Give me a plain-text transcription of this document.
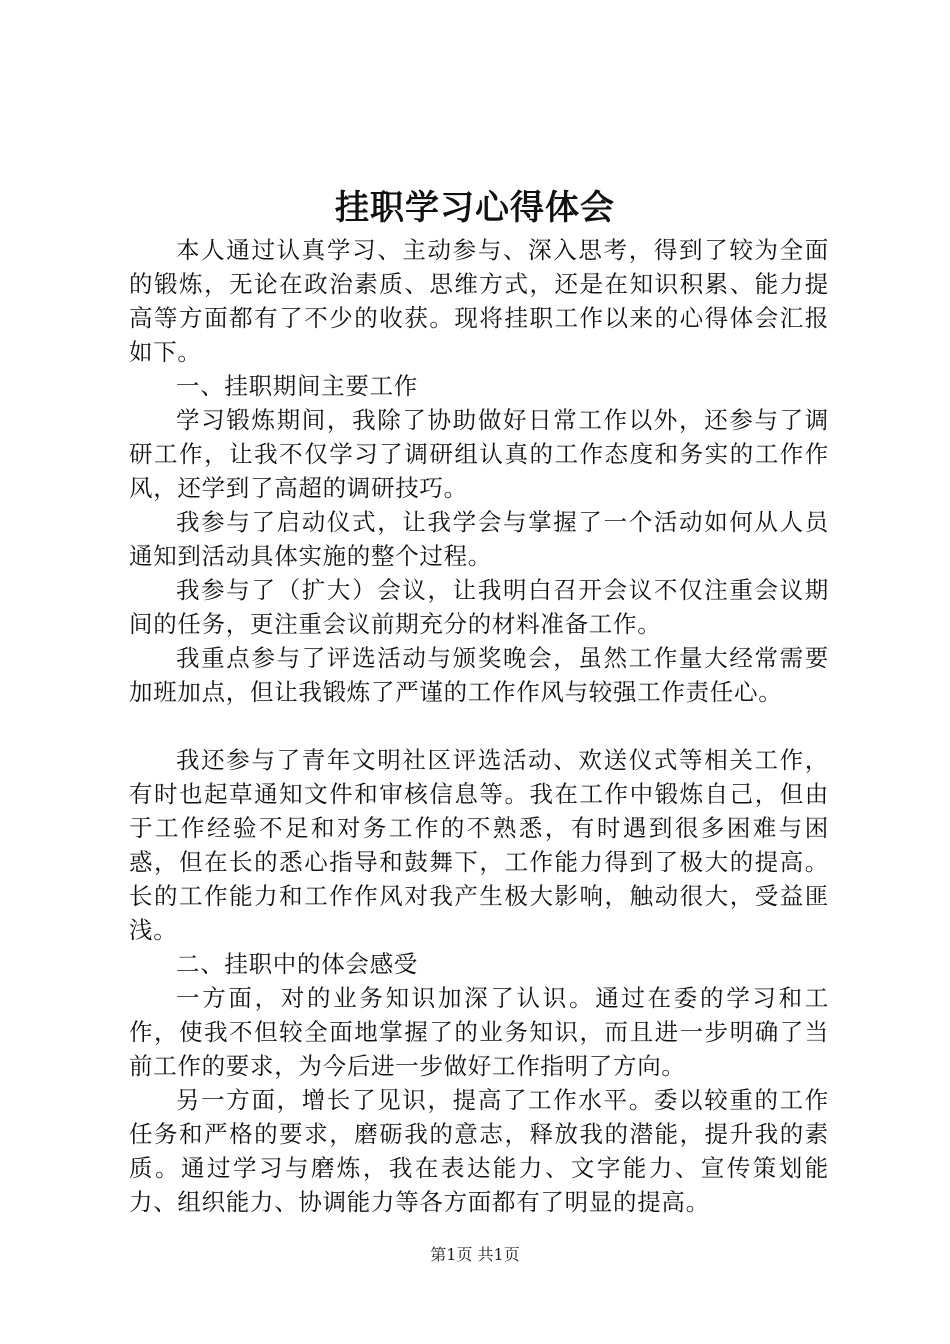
挂职学习心得体会

本人通过认真学习、主动参与、深入思考，得到了较为全面的锻炼，无论在政治素质、思维方式，还是在知识积累、能力提高等方面都有了不少的收获。现将挂职工作以来的心得体会汇报如下。

一、挂职期间主要工作

学习锻炼期间，我除了协助做好日常工作以外，还参与了调研工作，让我不仅学习了调研组认真的工作态度和务实的工作作风，还学到了高超的调研技巧。

我参与了启动仪式，让我学会与掌握了一个活动如何从人员通知到活动具体实施的整个过程。

我参与了（扩大）会议，让我明白召开会议不仅注重会议期间的任务，更注重会议前期充分的材料准备工作。

我重点参与了评选活动与颁奖晚会，虽然工作量大经常需要加班加点，但让我锻炼了严谨的工作作风与较强工作责任心。

我还参与了青年文明社区评选活动、欢送仪式等相关工作，有时也起草通知文件和审核信息等。我在工作中锻炼自己，但由于工作经验不足和对务工作的不熟悉，有时遇到很多困难与困惑，但在长的悉心指导和鼓舞下，工作能力得到了极大的提高。长的工作能力和工作作风对我产生极大影响，触动很大，受益匪浅。

二、挂职中的体会感受

一方面，对的业务知识加深了认识。通过在委的学习和工作，使我不但较全面地掌握了的业务知识，而且进一步明确了当前工作的要求，为今后进一步做好工作指明了方向。

另一方面，增长了见识，提高了工作水平。委以较重的工作任务和严格的要求，磨砺我的意志，释放我的潜能，提升我的素质。通过学习与磨炼，我在表达能力、文字能力、宣传策划能力、组织能力、协调能力等各方面都有了明显的提高。

第1页 共1页
